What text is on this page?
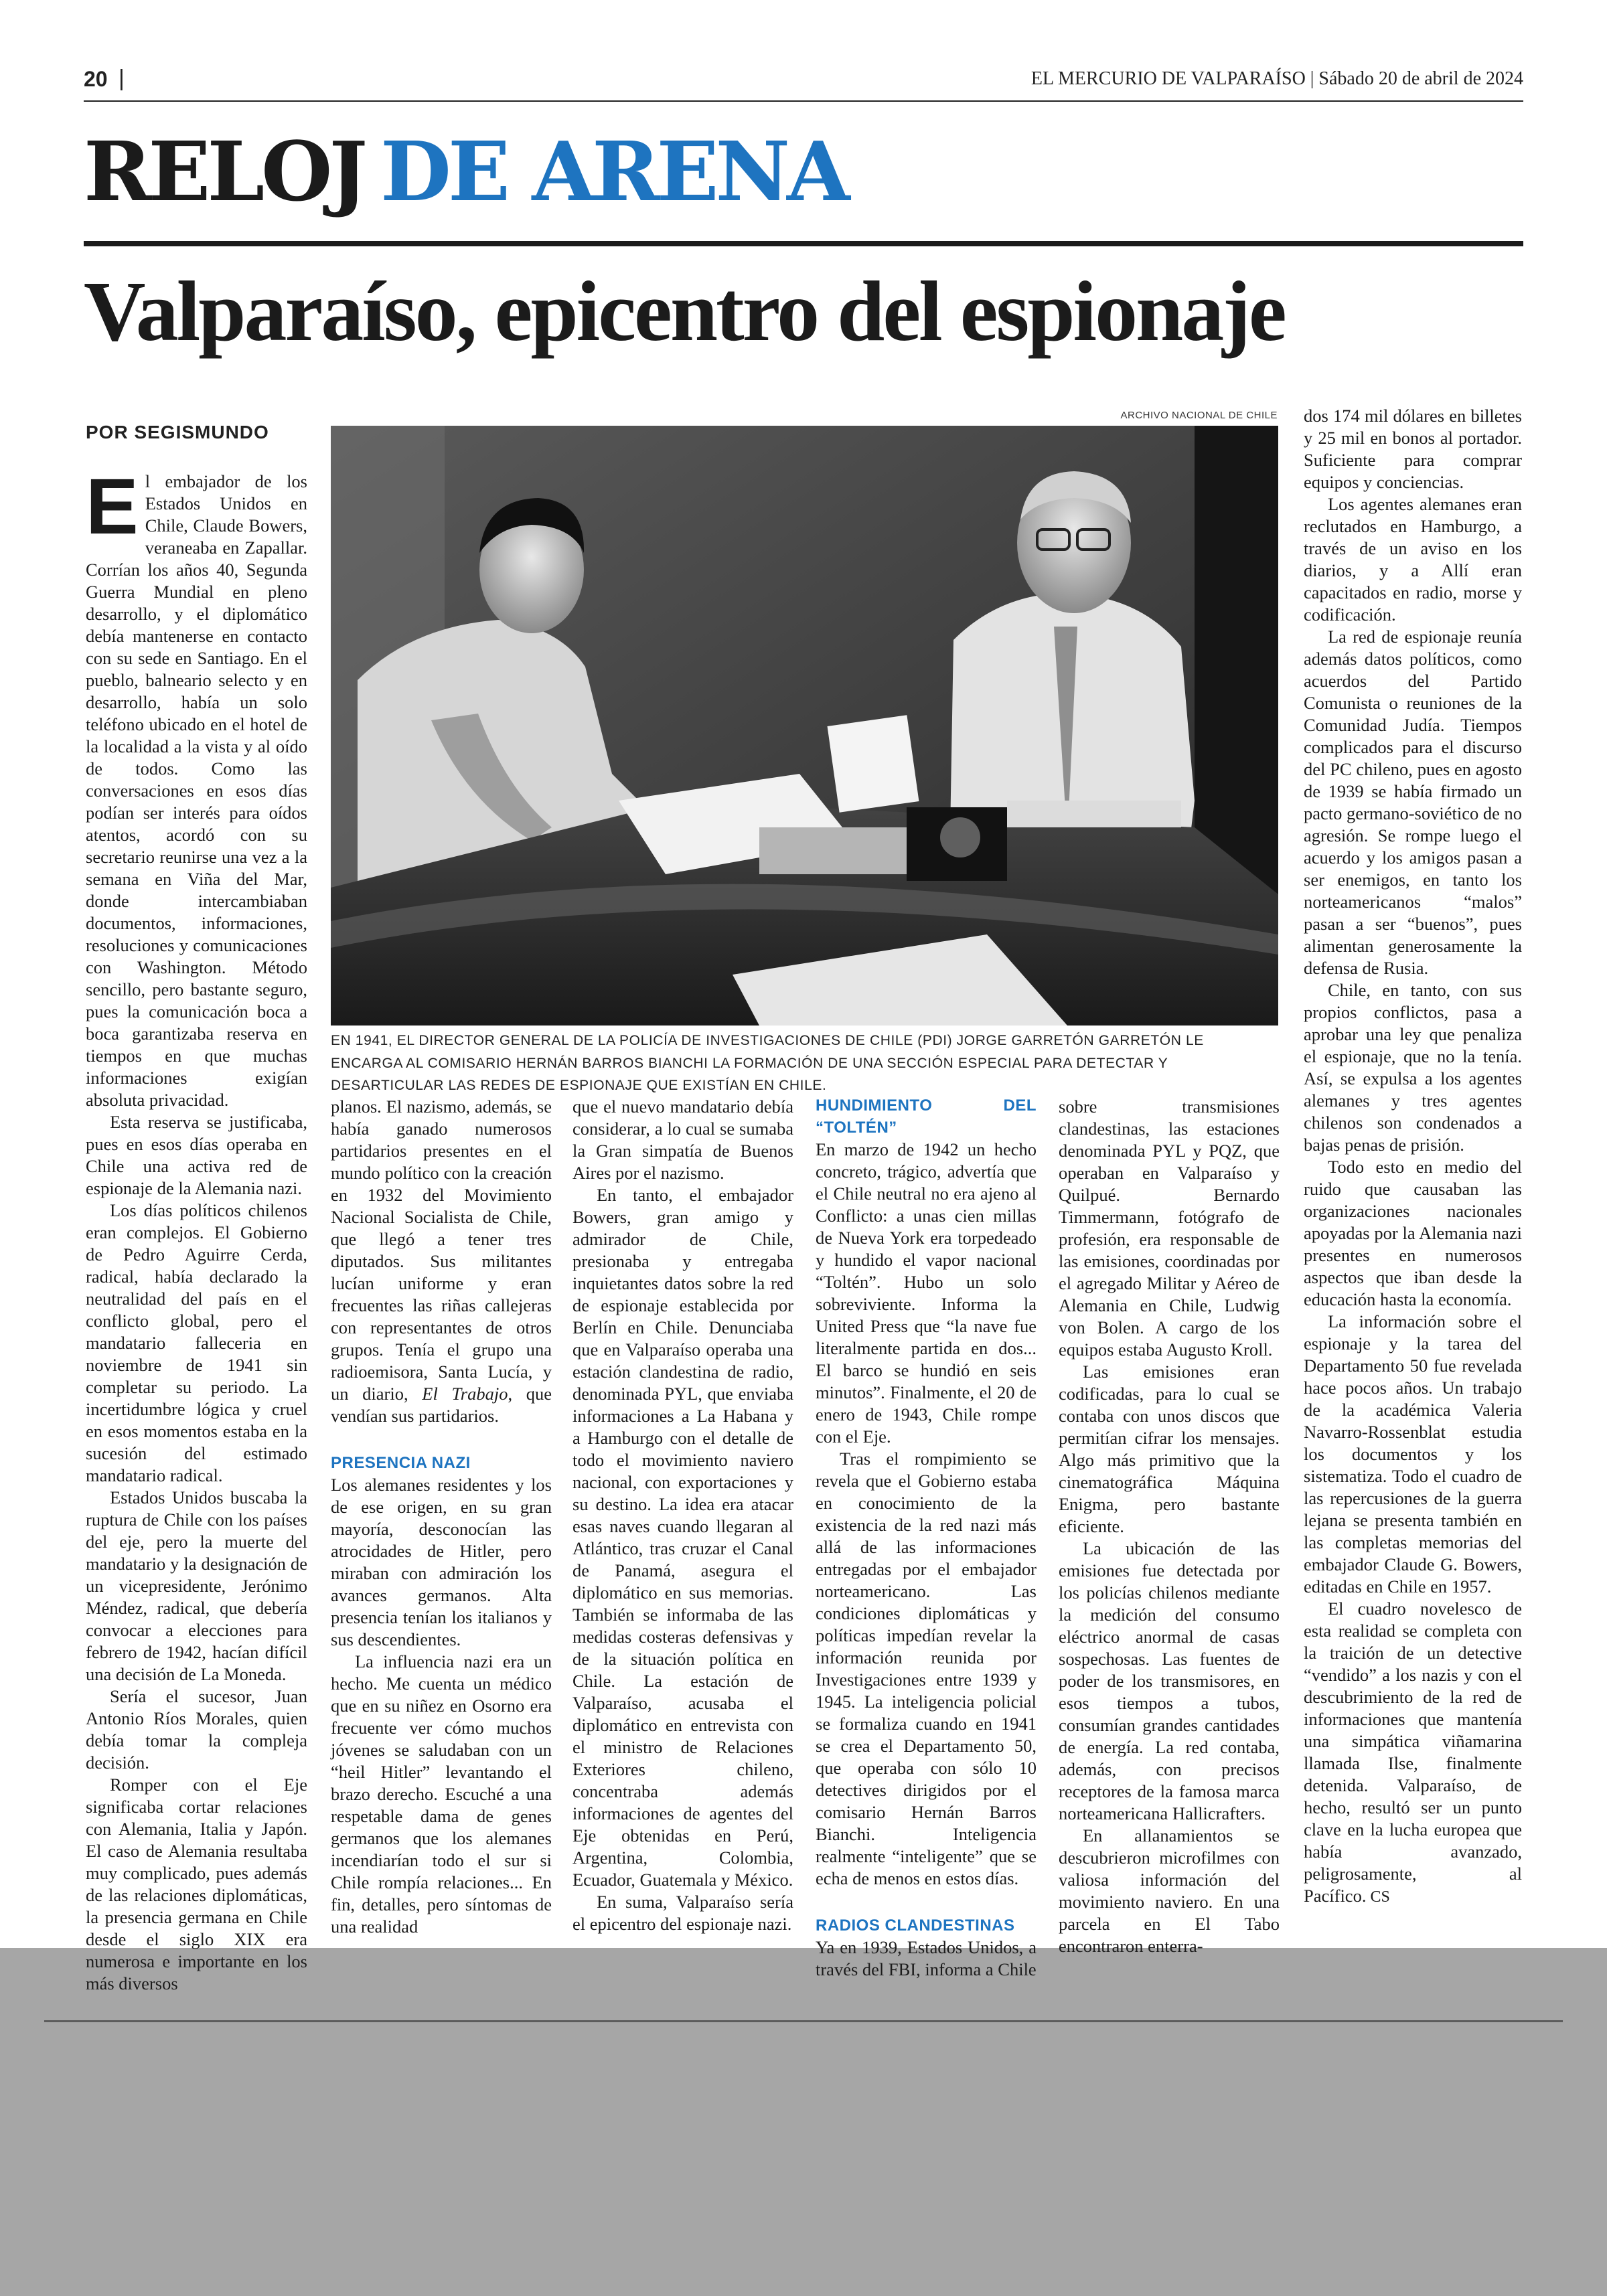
20 |	EL MERCURIO DE VALPARAÍSO | Sábado 20 de abril de 2024
RELOJ DE ARENA
Valparaíso, epicentro del espionaje
POR SEGISMUNDO
ARCHIVO NACIONAL DE CHILE
EN 1941, EL DIRECTOR GENERAL DE LA POLICÍA DE INVESTIGACIONES DE CHILE (PDI) JORGE GARRETÓN GARRETÓN LE ENCARGA AL COMISARIO HERNÁN BARROS BIANCHI LA FORMACIÓN DE UNA SECCIÓN ESPECIAL PARA DETECTAR Y DESARTICULAR LAS REDES DE ESPIONAJE QUE EXISTÍAN EN CHILE.

El embajador de los Estados Unidos en Chile, Claude Bowers, veraneaba en Zapallar. Corrían los años 40, Segunda Guerra Mundial en pleno desarrollo, y el diplomático debía mantenerse en contacto con su sede en Santiago. En el pueblo, balneario selecto y en desarrollo, había un solo teléfono ubicado en el hotel de la localidad a la vista y al oído de todos. Como las conversaciones en esos días podían ser interés para oídos atentos, acordó con su secretario reunirse una vez a la semana en Viña del Mar, donde intercambiaban documentos, informaciones, resoluciones y comunicaciones con Washington. Método sencillo, pero bastante seguro, pues la comunicación boca a boca garantizaba reserva en tiempos en que muchas informaciones exigían absoluta privacidad.

Esta reserva se justificaba, pues en esos días operaba en Chile una activa red de espionaje de la Alemania nazi.

Los días políticos chilenos eran complejos. El Gobierno de Pedro Aguirre Cerda, radical, había declarado la neutralidad del país en el conflicto global, pero el mandatario falleceria en noviembre de 1941 sin completar su periodo. La incertidumbre lógica y cruel en esos momentos estaba en la sucesión del estimado mandatario radical.

Estados Unidos buscaba la ruptura de Chile con los países del eje, pero la muerte del mandatario y la designación de un vicepresidente, Jerónimo Méndez, radical, que debería convocar a elecciones para febrero de 1942, hacían difícil una decisión de La Moneda.

Sería el sucesor, Juan Antonio Ríos Morales, quien debía tomar la compleja decisión.

Romper con el Eje significaba cortar relaciones con Alemania, Italia y Japón. El caso de Alemania resultaba muy complicado, pues además de las relaciones diplomáticas, la presencia germana en Chile desde el siglo XIX era numerosa e importante en los más diversos

planos. El nazismo, además, se había ganado numerosos partidarios presentes en el mundo político con la creación en 1932 del Movimiento Nacional Socialista de Chile, que llegó a tener tres diputados. Sus militantes lucían uniforme y eran frecuentes las riñas callejeras con representantes de otros grupos. Tenía el grupo una radioemisora, Santa Lucía, y un diario, El Trabajo, que vendían sus partidarios.

PRESENCIA NAZI

Los alemanes residentes y los de ese origen, en su gran mayoría, desconocían las atrocidades de Hitler, pero miraban con admiración los avances germanos. Alta presencia tenían los italianos y sus descendientes.

La influencia nazi era un hecho. Me cuenta un médico que en su niñez en Osorno era frecuente ver cómo muchos jóvenes se saludaban con un “heil Hitler” levantando el brazo derecho. Escuché a una respetable dama de genes germanos que los alemanes incendiarían todo el sur si Chile rompía relaciones... En fin, detalles, pero síntomas de una realidad

que el nuevo mandatario debía considerar, a lo cual se sumaba la Gran simpatía de Buenos Aires por el nazismo.

En tanto, el embajador Bowers, gran amigo y admirador de Chile, presionaba y entregaba inquietantes datos sobre la red de espionaje establecida por Berlín en Chile. Denunciaba que en Valparaíso operaba una estación clandestina de radio, denominada PYL, que enviaba informaciones a La Habana y a Hamburgo con el detalle de todo el movimiento naviero nacional, con exportaciones y su destino. La idea era atacar esas naves cuando llegaran al Atlántico, tras cruzar el Canal de Panamá, asegura el diplomático en sus memorias. También se informaba de las medidas costeras defensivas y de la situación política en Chile. La estación de Valparaíso, acusaba el diplomático en entrevista con el ministro de Relaciones Exteriores chileno, concentraba además informaciones de agentes del Eje obtenidas en Perú, Argentina, Colombia, Ecuador, Guatemala y México.

En suma, Valparaíso sería el epicentro del espionaje nazi.

HUNDIMIENTO DEL “TOLTÉN”

En marzo de 1942 un hecho concreto, trágico, advertía que el Chile neutral no era ajeno al Conflicto: a unas cien millas de Nueva York era torpedeado y hundido el vapor nacional “Toltén”. Hubo un solo sobreviviente. Informa la United Press que “la nave fue literalmente partida en dos... El barco se hundió en seis minutos”. Finalmente, el 20 de enero de 1943, Chile rompe con el Eje.

Tras el rompimiento se revela que el Gobierno estaba en conocimiento de la existencia de la red nazi más allá de las informaciones entregadas por el embajador norteamericano. Las condiciones diplomáticas y políticas impedían revelar la información reunida por Investigaciones entre 1939 y 1945. La inteligencia policial se formaliza cuando en 1941 se crea el Departamento 50, que operaba con sólo 10 detectives dirigidos por el comisario Hernán Barros Bianchi. Inteligencia realmente “inteligente” que se echa de menos en estos días.

RADIOS CLANDESTINAS

Ya en 1939, Estados Unidos, a través del FBI, informa a Chile

sobre transmisiones clandestinas, las estaciones denominada PYL y PQZ, que operaban en Valparaíso y Quilpué. Bernardo Timmermann, fotógrafo de profesión, era responsable de las emisiones, coordinadas por el agregado Militar y Aéreo de Alemania en Chile, Ludwig von Bolen. A cargo de los equipos estaba Augusto Kroll.

Las emisiones eran codificadas, para lo cual se contaba con unos discos que permitían cifrar los mensajes. Algo más primitivo que la cinematográfica Máquina Enigma, pero bastante eficiente.

La ubicación de las emisiones fue detectada por los policías chilenos mediante la medición del consumo eléctrico anormal de casas sospechosas. Las fuentes de poder de los transmisores, en esos tiempos a tubos, consumían grandes cantidades de energía. La red contaba, además, con precisos receptores de la famosa marca norteamericana Hallicrafters.

En allanamientos se descubrieron microfilmes con valiosa información del movimiento naviero. En una parcela en El Tabo encontraron enterra-

dos 174 mil dólares en billetes y 25 mil en bonos al portador. Suficiente para comprar equipos y conciencias.

Los agentes alemanes eran reclutados en Hamburgo, a través de un aviso en los diarios, y a Allí eran capacitados en radio, morse y codificación.

La red de espionaje reunía además datos políticos, como acuerdos del Partido Comunista o reuniones de la Comunidad Judía. Tiempos complicados para el discurso del PC chileno, pues en agosto de 1939 se había firmado un pacto germano-soviético de no agresión. Se rompe luego el acuerdo y los amigos pasan a ser enemigos, en tanto los norteamericanos “malos” pasan a ser “buenos”, pues alimentan generosamente la defensa de Rusia.

Chile, en tanto, con sus propios conflictos, pasa a aprobar una ley que penaliza el espionaje, que no la tenía. Así, se expulsa a los agentes alemanes y tres agentes chilenos son condenados a bajas penas de prisión.

Todo esto en medio del ruido que causaban las organizaciones nacionales apoyadas por la Alemania nazi presentes en numerosos aspectos que iban desde la educación hasta la economía.

La información sobre el espionaje y la tarea del Departamento 50 fue revelada hace pocos años. Un trabajo de la académica Valeria Navarro-Rossenblat estudia los documentos y los sistematiza. Todo el cuadro de las repercusiones de la guerra lejana se presenta también en las completas memorias del embajador Claude G. Bowers, editadas en Chile en 1957.

El cuadro novelesco de esta realidad se completa con la traición de un detective “vendido” a los nazis y con el descubrimiento de la red de informaciones que mantenía una simpática viñamarina llamada Ilse, finalmente detenida. Valparaíso, de hecho, resultó ser un punto clave en la lucha europea que había avanzado, peligrosamente, al Pacífico. CS
